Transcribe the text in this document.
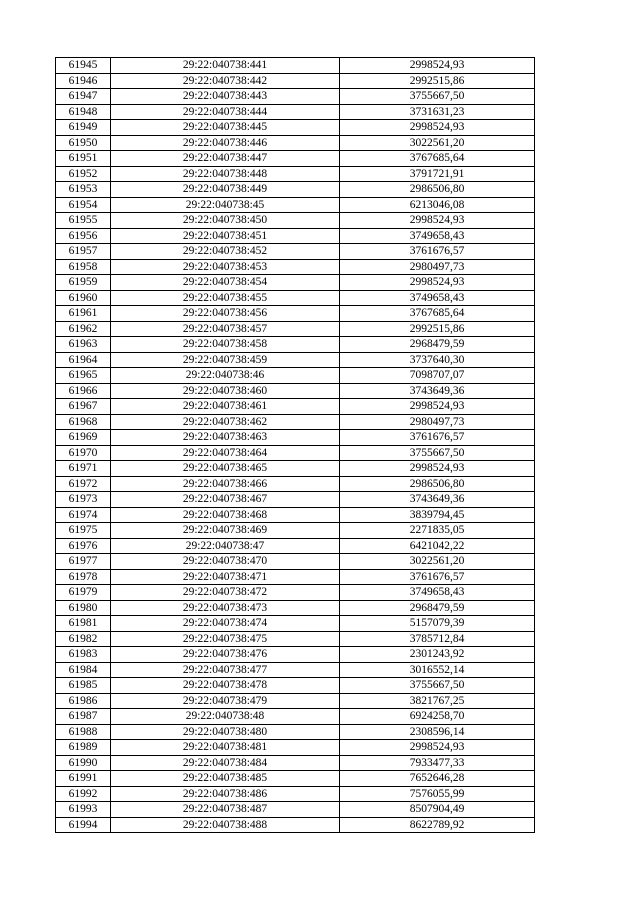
61945	29:22:040738:441	2998524,93
61946	29:22:040738:442	2992515,86
61947	29:22:040738:443	3755667,50
61948	29:22:040738:444	3731631,23
61949	29:22:040738:445	2998524,93
61950	29:22:040738:446	3022561,20
61951	29:22:040738:447	3767685,64
61952	29:22:040738:448	3791721,91
61953	29:22:040738:449	2986506,80
61954	29:22:040738:45	6213046,08
61955	29:22:040738:450	2998524,93
61956	29:22:040738:451	3749658,43
61957	29:22:040738:452	3761676,57
61958	29:22:040738:453	2980497,73
61959	29:22:040738:454	2998524,93
61960	29:22:040738:455	3749658,43
61961	29:22:040738:456	3767685,64
61962	29:22:040738:457	2992515,86
61963	29:22:040738:458	2968479,59
61964	29:22:040738:459	3737640,30
61965	29:22:040738:46	7098707,07
61966	29:22:040738:460	3743649,36
61967	29:22:040738:461	2998524,93
61968	29:22:040738:462	2980497,73
61969	29:22:040738:463	3761676,57
61970	29:22:040738:464	3755667,50
61971	29:22:040738:465	2998524,93
61972	29:22:040738:466	2986506,80
61973	29:22:040738:467	3743649,36
61974	29:22:040738:468	3839794,45
61975	29:22:040738:469	2271835,05
61976	29:22:040738:47	6421042,22
61977	29:22:040738:470	3022561,20
61978	29:22:040738:471	3761676,57
61979	29:22:040738:472	3749658,43
61980	29:22:040738:473	2968479,59
61981	29:22:040738:474	5157079,39
61982	29:22:040738:475	3785712,84
61983	29:22:040738:476	2301243,92
61984	29:22:040738:477	3016552,14
61985	29:22:040738:478	3755667,50
61986	29:22:040738:479	3821767,25
61987	29:22:040738:48	6924258,70
61988	29:22:040738:480	2308596,14
61989	29:22:040738:481	2998524,93
61990	29:22:040738:484	7933477,33
61991	29:22:040738:485	7652646,28
61992	29:22:040738:486	7576055,99
61993	29:22:040738:487	8507904,49
61994	29:22:040738:488	8622789,92
